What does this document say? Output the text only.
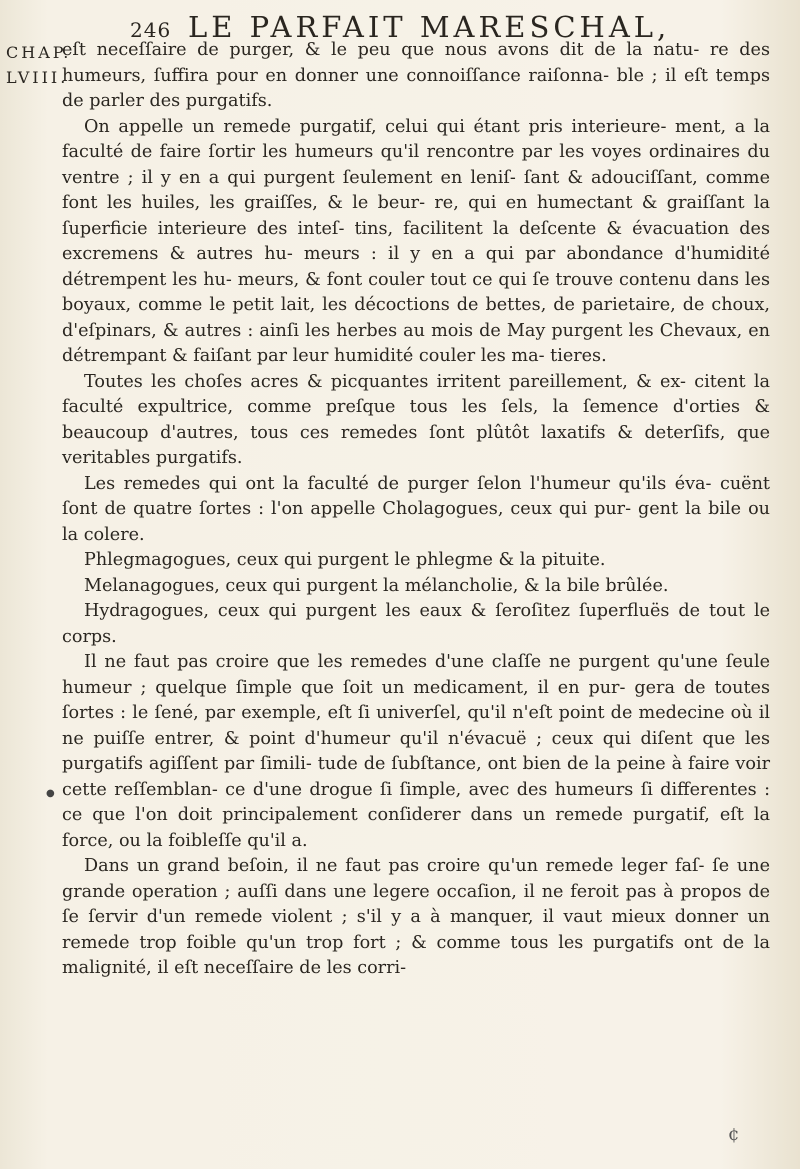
246 LE PARFAIT MARESCHAL,
CHAP.
LVIII.
●

eſt neceſſaire de purger, & le peu que nous avons dit de la natu- re des humeurs, ſuffira pour en donner une connoiſſance raiſonna- ble ; il eſt temps de parler des purgatifs.

On appelle un remede purgatif, celui qui étant pris interieure- ment, a la faculté de faire ſortir les humeurs qu'il rencontre par les voyes ordinaires du ventre ; il y en a qui purgent ſeulement en leniſ- ſant & adouciſſant, comme font les huiles, les graiſſes, & le beur- re, qui en humectant & graiſſant la ſuperficie interieure des inteſ- tins, facilitent la deſcente & évacuation des excremens & autres hu- meurs : il y en a qui par abondance d'humidité détrempent les hu- meurs, & font couler tout ce qui ſe trouve contenu dans les boyaux, comme le petit lait, les décoctions de bettes, de parietaire, de choux, d'eſpinars, & autres : ainſi les herbes au mois de May purgent les Chevaux, en détrempant & faiſant par leur humidité couler les ma- tieres.

Toutes les choſes acres & picquantes irritent pareillement, & ex- citent la faculté expultrice, comme preſque tous les ſels, la ſemence d'orties & beaucoup d'autres, tous ces remedes ſont plûtôt laxatifs & deterſifs, que veritables purgatifs.

Les remedes qui ont la faculté de purger ſelon l'humeur qu'ils éva- cuënt ſont de quatre ſortes : l'on appelle Cholagogues, ceux qui pur- gent la bile ou la colere.

Phlegmagogues, ceux qui purgent le phlegme & la pituite.

Melanagogues, ceux qui purgent la mélancholie, & la bile brûlée.

Hydragogues, ceux qui purgent les eaux & ſeroſitez ſuperfluës de tout le corps.

Il ne faut pas croire que les remedes d'une claſſe ne purgent qu'une ſeule humeur ; quelque ſimple que ſoit un medicament, il en pur- gera de toutes ſortes : le ſené, par exemple, eſt ſi univerſel, qu'il n'eſt point de medecine où il ne puiſſe entrer, & point d'humeur qu'il n'évacuë ; ceux qui diſent que les purgatifs agiſſent par ſimili- tude de ſubſtance, ont bien de la peine à faire voir cette reſſemblan- ce d'une drogue ſi ſimple, avec des humeurs ſi differentes : ce que l'on doit principalement conſiderer dans un remede purgatif, eſt la force, ou la foibleſſe qu'il a.

Dans un grand beſoin, il ne faut pas croire qu'un remede leger faſ- ſe une grande operation ; auſſi dans une legere occaſion, il ne feroit pas à propos de ſe ſervir d'un remede violent ; s'il y a à manquer, il vaut mieux donner un remede trop foible qu'un trop fort ; & comme tous les purgatifs ont de la malignité, il eſt neceſſaire de les corri-

¢
